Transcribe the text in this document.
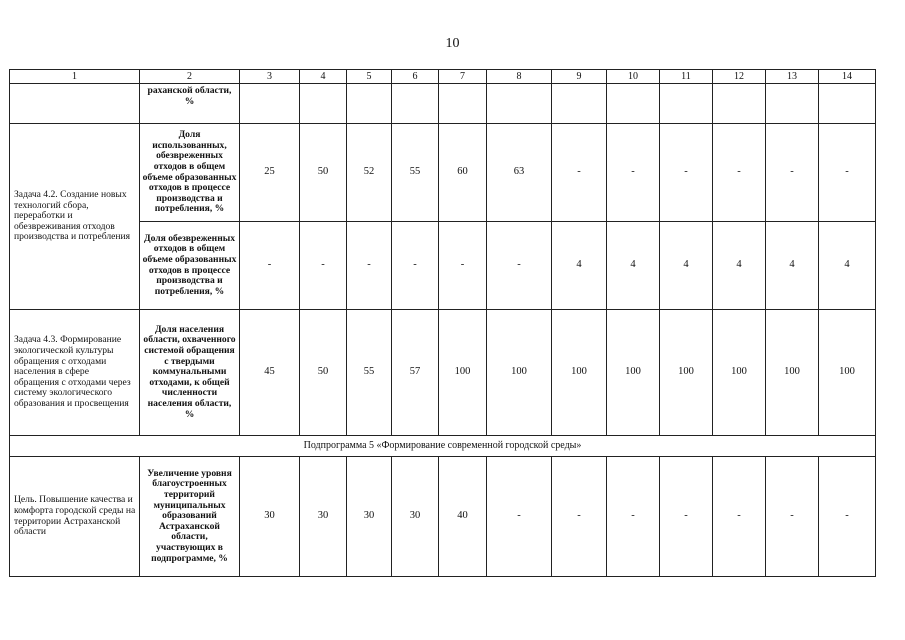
10
1	2	3	4	5	6	7	8	9	10	11	12	13	14
	раханской области, %												
Задача 4.2. Создание новых технологий сбора, переработки и обезвреживания отходов производства и потребления	Доля использованных, обезвреженных отходов в общем объеме образованных отходов в процессе производства и потребления, %	25	50	52	55	60	63	-	-	-	-	-	-
	Доля обезвреженных отходов в общем объеме образованных отходов в процессе производства и потребления, %	-	-	-	-	-	-	4	4	4	4	4	4
Задача 4.3. Формирование экологической культуры обращения с отходами населения в сфере обращения с отходами через систему экологического образования и просвещения	Доля населения области, охваченного системой обращения с твердыми коммунальными отходами, к общей численности населения области, %	45	50	55	57	100	100	100	100	100	100	100	100
Подпрограмма 5 «Формирование современной городской среды»													
Цель. Повышение качества и комфорта городской среды на территории Астраханской области	Увеличение уровня благоустроенных территорий муниципальных образований Астраханской области, участвующих в подпрограмме, %	30	30	30	30	40	-	-	-	-	-	-	-
